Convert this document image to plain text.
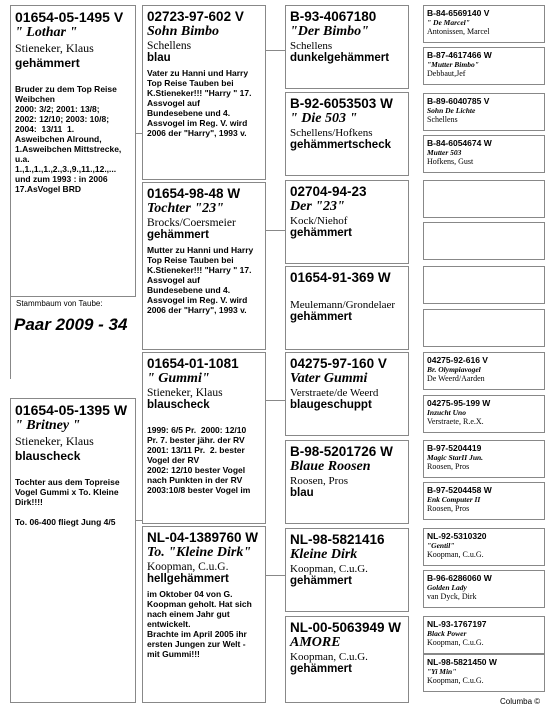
01654-05-1495 V
" Lothar "
Stieneker, Klaus
gehämmert
Bruder zu dem Top Reise Weibchen
2000: 3/2; 2001: 13/8;
2002: 12/10; 2003: 10/8;
2004:  13/11  1.
Asweibchen Alround,
1.Asweibchen Mittstrecke,
u.a.
1.,1.,1.,1.,2.,3.,9.,11.,12.,...
und zum 1993 : in 2006
17.AsVogel BRD
Stammbaum von Taube:
Paar 2009 - 34
01654-05-1395 W
" Britney "
Stieneker, Klaus
blauscheck
Tochter aus dem Topreise
Vogel Gummi x To. Kleine
Dirk!!!!

To. 06-400 fliegt Jung 4/5
02723-97-602 V
Sohn Bimbo
Schellens
blau
Vater zu Hanni und Harry
Top Reise Tauben bei
K.Stieneker!!! "Harry " 17.
Assvogel auf
Bundesebene und 4.
Assvogel im Reg. V. wird
2006 der "Harry", 1993 v.
01654-98-48 W
Tochter "23"
Brocks/Coersmeier
gehämmert
Mutter zu Hanni und Harry
Top Reise Tauben bei
K.Stieneker!!! "Harry " 17.
Assvogel auf
Bundesebene und 4.
Assvogel im Reg. V. wird
2006 der "Harry", 1993 v.
01654-01-1081
" Gummi"
Stieneker, Klaus
blauscheck
1999: 6/5 Pr.  2000: 12/10
Pr. 7. bester jähr. der RV
2001: 13/11 Pr.  2. bester
Vogel der RV
2002: 12/10 bester Vogel
nach Punkten in der RV
2003:10/8 bester Vogel im
NL-04-1389760 W
To. "Kleine Dirk"
Koopman, C.u.G.
hellgehämmert
im Oktober 04 von G.
Koopman geholt. Hat sich
nach einem Jahr gut
entwickelt.
Brachte im April 2005 ihr
ersten Jungen zur Welt -
mit Gummi!!!
B-93-4067180
"Der Bimbo"
Schellens
dunkelgehämmert
B-92-6053503 W
" Die 503 "
Schellens/Hofkens
gehämmertscheck
02704-94-23
Der "23"
Kock/Niehof
gehämmert
01654-91-369 W
Meulemann/Grondelaer
gehämmert
04275-97-160 V
Vater Gummi
Verstraete/de Weerd
blaugeschuppt
B-98-5201726 W
Blaue Roosen
Roosen, Pros
blau
NL-98-5821416
Kleine Dirk
Koopman, C.u.G.
gehämmert
NL-00-5063949 W
AMORE
Koopman, C.u.G.
gehämmert
B-84-6569140 V
" De Marcel"
Antonissen, Marcel
B-87-4617466 W
"Mutter Bimbo"
Debbaut,Jef
B-89-6040785 V
Sohn De Lichte
Schellens
B-84-6054674 W
Mutter 503
Hofkens, Gust
04275-92-616 V
Br. Olympiavogel
De Weerd/Aarden
04275-95-199 W
Inzucht Uno
Verstraete, R.e.X.
B-97-5204419
Magic StarII Jun.
Roosen, Pros
B-97-5204458 W
Enk Computer II
Roosen, Pros
NL-92-5310320
"Gentil"
Koopman, C.u.G.
B-96-6286060 W
Golden Lady
van Dyck, Dirk
NL-93-1767197
Black Power
Koopman, C.u.G.
NL-98-5821450 W
"Yi Min"
Koopman, C.u.G.
Columba ©
